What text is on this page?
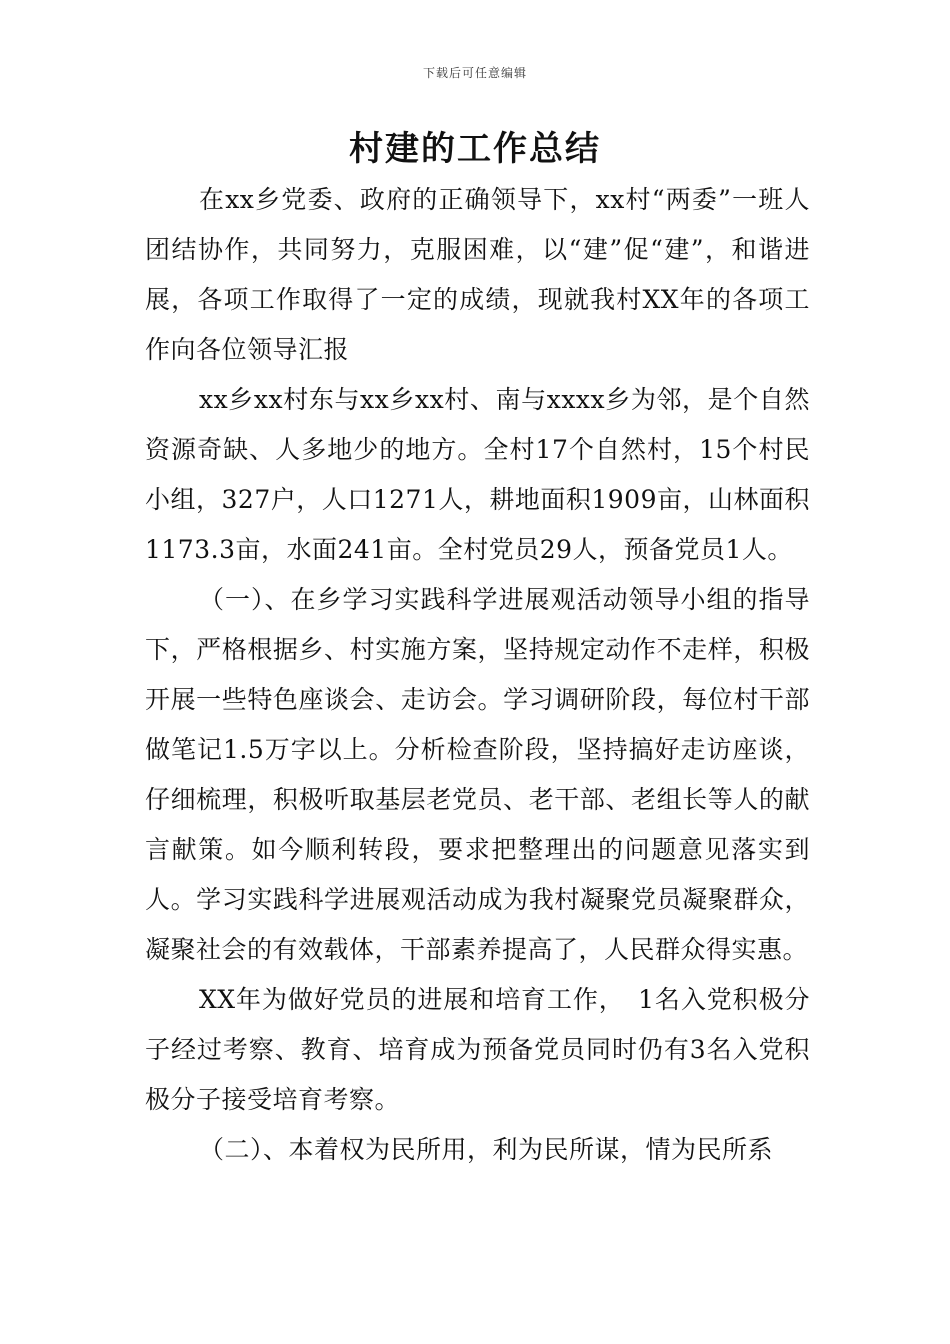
下载后可任意编辑
村建的工作总结

在xx乡党委、政府的正确领导下，xx村“两委”一班人团结协作，共同努力，克服困难，以“建”促“建”，和谐进展，各项工作取得了一定的成绩，现就我村XX年的各项工作向各位领导汇报

xx乡xx村东与xx乡xx村、南与xxxx乡为邻，是个自然资源奇缺、人多地少的地方。全村17个自然村，15个村民小组，327户，人口1271人，耕地面积1909亩，山林面积1173.3亩，水面241亩。全村党员29人，预备党员1人。

（一）、在乡学习实践科学进展观活动领导小组的指导下，严格根据乡、村实施方案，坚持规定动作不走样，积极开展一些特色座谈会、走访会。学习调研阶段，每位村干部做笔记1.5万字以上。分析检查阶段，坚持搞好走访座谈，仔细梳理，积极听取基层老党员、老干部、老组长等人的献言献策。如今顺利转段，要求把整理出的问题意见落实到人。学习实践科学进展观活动成为我村凝聚党员凝聚群众，凝聚社会的有效载体，干部素养提高了，人民群众得实惠。

XX年为做好党员的进展和培育工作，　1名入党积极分子经过考察、教育、培育成为预备党员同时仍有3名入党积极分子接受培育考察。

（二）、本着权为民所用，利为民所谋，情为民所系
